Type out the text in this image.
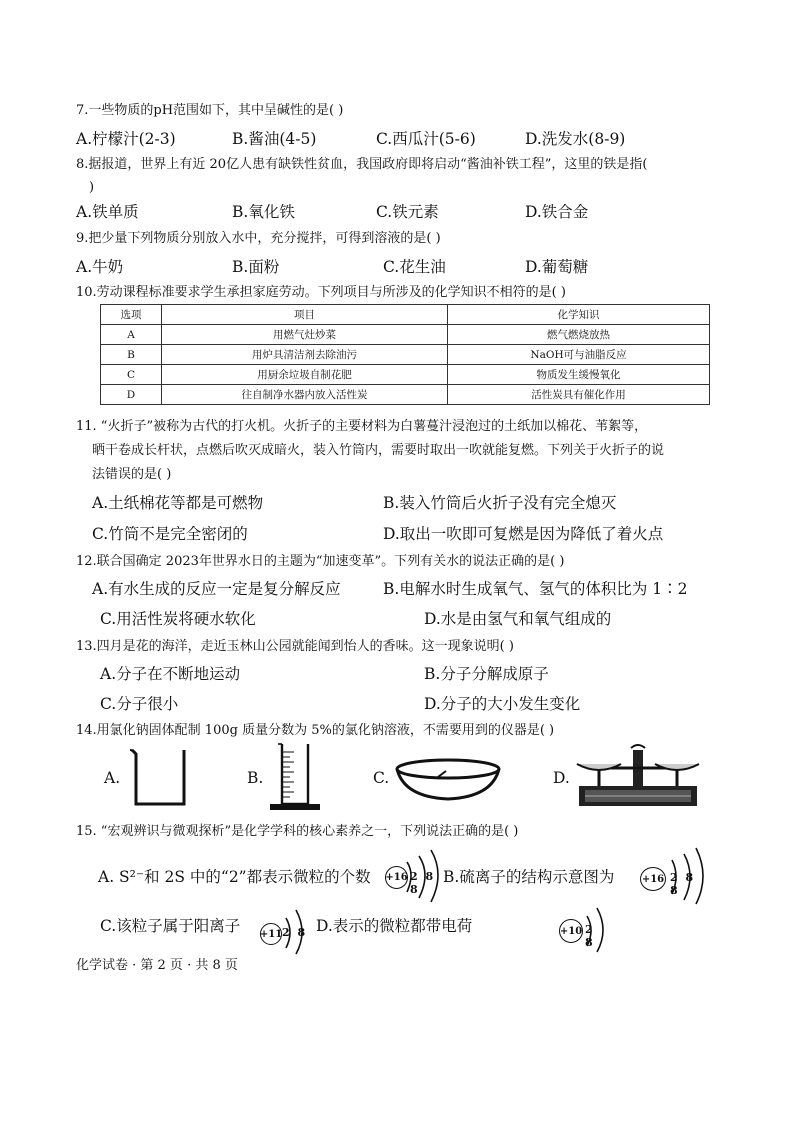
7.一些物质的pH范围如下，其中呈碱性的是( )
A.柠檬汁(2-3)	B.酱油(4-5)	C.西瓜汁(5-6)	D.洗发水(8-9)
8.据报道，世界上有近 20亿人患有缺铁性贫血，我国政府即将启动“酱油补铁工程”，这里的铁是指(
)
A.铁单质	B.氧化铁	C.铁元素	D.铁合金
9.把少量下列物质分别放入水中，充分搅拌，可得到溶液的是( )
A.牛奶	B.面粉	C.花生油	D.葡萄糖
10.劳动课程标准要求学生承担家庭劳动。下列项目与所涉及的化学知识不相符的是( )
选项	项目	化学知识
A	用燃气灶炒菜	燃气燃烧放热
B	用炉具清洁剂去除油污	NaOH可与油脂反应
C	用厨余垃圾自制花肥	物质发生缓慢氧化
D	往自制净水器内放入活性炭	活性炭具有催化作用
11. “火折子”被称为古代的打火机。火折子的主要材料为白薯蔓汁浸泡过的土纸加以棉花、苇絮等，
晒干卷成长杆状，点燃后吹灭成暗火，装入竹筒内，需要时取出一吹就能复燃。下列关于火折子的说
法错误的是( )
A.土纸棉花等都是可燃物	B.装入竹筒后火折子没有完全熄灭
C.竹筒不是完全密闭的	D.取出一吹即可复燃是因为降低了着火点
12.联合国确定 2023年世界水日的主题为“加速变革”。下列有关水的说法正确的是( )
A.有水生成的反应一定是复分解反应	B.电解水时生成氧气、氢气的体积比为 1∶2
C.用活性炭将硬水软化	D.水是由氢气和氧气组成的
13.四月是花的海洋，走近玉林山公园就能闻到怡人的香味。这一现象说明( )
A.分子在不断地运动	B.分子分解成原子
C.分子很小	D.分子的大小发生变化
14.用氯化钠固体配制 100g 质量分数为 5%的氯化钠溶液，不需要用到的仪器是( )
A.	B.	C.	D.
15. “宏观辨识与微观探析”是化学学科的核心素养之一，下列说法正确的是( )
A. S²⁻和 2S 中的“2”都表示微粒的个数	B.硫离子的结构示意图为
C.该粒子属于阳离子	D.表示的微粒都带电荷
+16 2 8 8
+16 2 8 8
+11 2 8	+10 2 8
化学试卷 · 第 2 页 · 共 8 页
